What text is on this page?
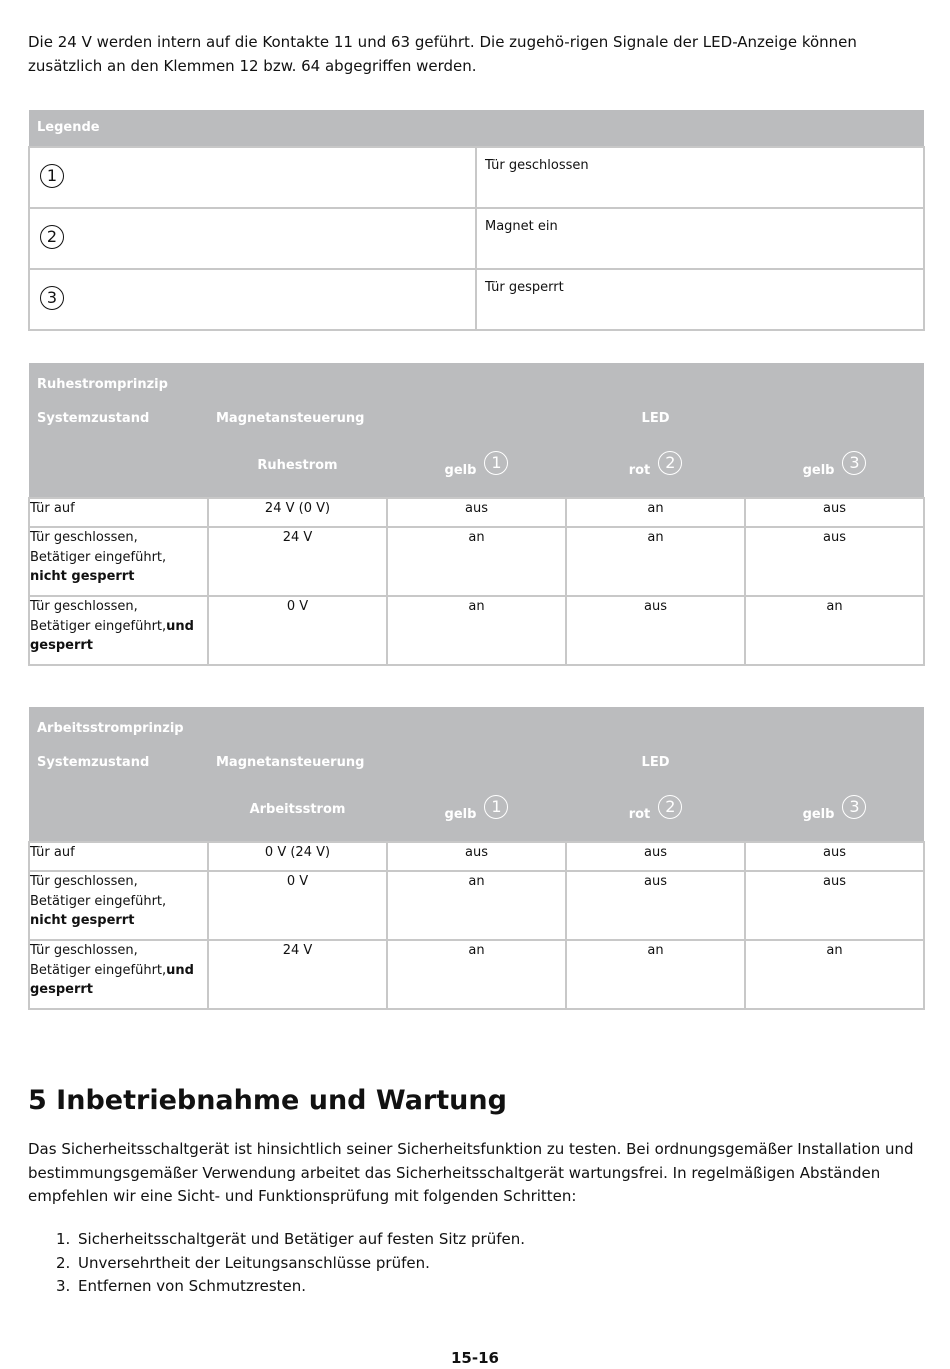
Die 24 V werden intern auf die Kontakte 11 und 63 geführt. Die zugehö-rigen Signale der LED-Anzeige können zusätzlich an den Klemmen 12 bzw. 64 abgegriffen werden.

Legende	

1	Tür geschlossen

2	Magnet ein

3	Tür gesperrt
Ruhestromprinzip				
Systemzustand	Magnetansteuerung	LED		
	Ruhestrom	gelb 1	rot 2	gelb 3
Tür auf	24 V (0 V)	aus	an	aus
Tür geschlossen,
Betätiger eingeführt,
nicht gesperrt	24 V	an	an	aus
Tür geschlossen,
Betätiger eingeführt,und
gesperrt	0 V	an	aus	an
Arbeitsstromprinzip				
Systemzustand	Magnetansteuerung	LED		
	Arbeitsstrom	gelb 1	rot 2	gelb 3
Tür auf	0 V (24 V)	aus	aus	aus
Tür geschlossen,
Betätiger eingeführt,
nicht gesperrt	0 V	an	aus	aus
Tür geschlossen,
Betätiger eingeführt,und
gesperrt	24 V	an	an	an
5 Inbetriebnahme und Wartung

Das Sicherheitsschaltgerät ist hinsichtlich seiner Sicherheitsfunktion zu testen. Bei ordnungsgemäßer Installation und bestimmungsgemäßer Verwendung arbeitet das Sicherheitsschaltgerät wartungsfrei. In regelmäßigen Abständen empfehlen wir eine Sicht- und Funktionsprüfung mit folgenden Schritten:

1. Sicherheitsschaltgerät und Betätiger auf festen Sitz prüfen.
2. Unversehrtheit der Leitungsanschlüsse prüfen.
3. Entfernen von Schmutzresten.
15-16
